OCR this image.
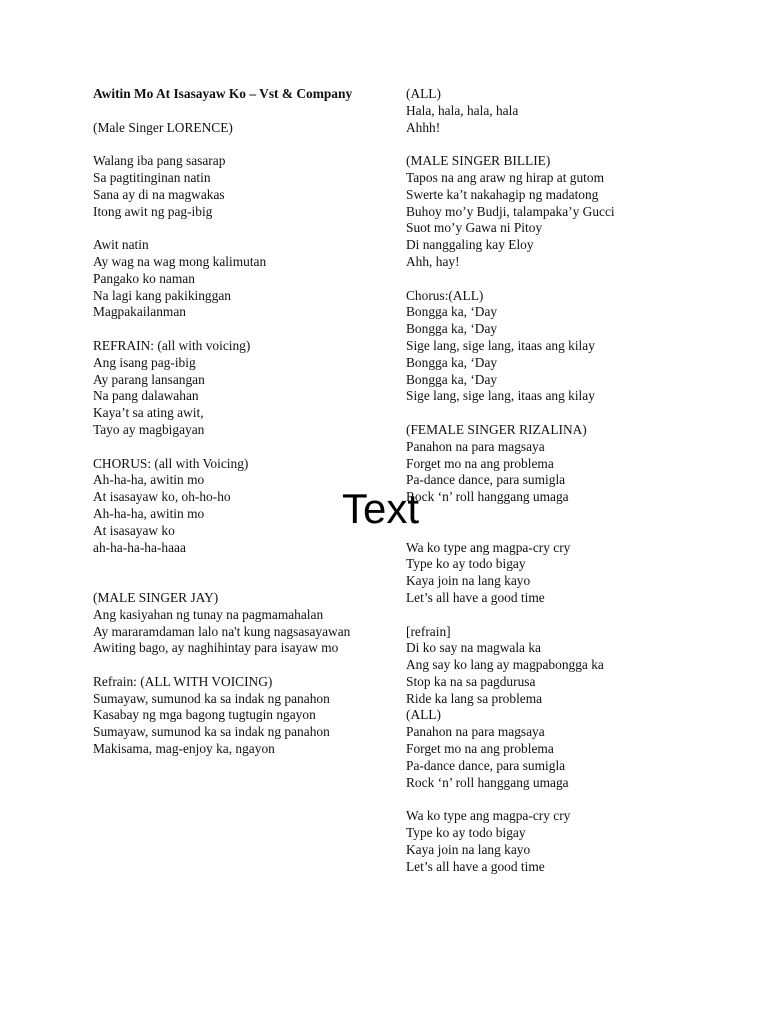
Awitin Mo At Isasayaw Ko – Vst & Company
(Male Singer LORENCE)
Walang iba pang sasarap
Sa pagtitinginan natin
Sana ay di na magwakas
Itong awit ng pag-ibig
Awit natin
Ay wag na wag mong kalimutan
Pangako ko naman
Na lagi kang pakikinggan
Magpakailanman
REFRAIN: (all with voicing)
Ang isang pag-ibig
Ay parang lansangan
Na pang dalawahan
Kaya’t sa ating awit,
Tayo ay magbigayan
CHORUS: (all with Voicing)
Ah-ha-ha, awitin mo
At isasayaw ko, oh-ho-ho
Ah-ha-ha, awitin mo
At isasayaw ko
ah-ha-ha-ha-haaa
(MALE SINGER JAY)
Ang kasiyahan ng tunay na pagmamahalan
Ay mararamdaman lalo na't kung nagsasayawan
Awiting bago, ay naghihintay para isayaw mo
Refrain: (ALL WITH VOICING)
Sumayaw, sumunod ka sa indak ng panahon
Kasabay ng mga bagong tugtugin ngayon
Sumayaw, sumunod ka sa indak ng panahon
Makisama, mag-enjoy ka, ngayon
(ALL)
Hala, hala, hala, hala
Ahhh!
(MALE SINGER BILLIE)
Tapos na ang araw ng hirap at gutom
Swerte ka’t nakahagip ng madatong
Buhoy mo’y Budji, talampaka’y Gucci
Suot mo’y Gawa ni Pitoy
Di nanggaling kay Eloy
Ahh, hay!
Chorus:(ALL)
Bongga ka, ‘Day
Bongga ka, ‘Day
Sige lang, sige lang, itaas ang kilay
Bongga ka, ‘Day
Bongga ka, ‘Day
Sige lang, sige lang, itaas ang kilay
(FEMALE SINGER RIZALINA)
Panahon na para magsaya
Forget mo na ang problema
Pa-dance dance, para sumigla
Rock ‘n’ roll hanggang umaga
Wa ko type ang magpa-cry cry
Type ko ay todo bigay
Kaya join na lang kayo
Let’s all have a good time
[refrain]
Di ko say na magwala ka
Ang say ko lang ay magpabongga ka
Stop ka na sa pagdurusa
Ride ka lang sa problema
(ALL)
Panahon na para magsaya
Forget mo na ang problema
Pa-dance dance, para sumigla
Rock ‘n’ roll hanggang umaga
Wa ko type ang magpa-cry cry
Type ko ay todo bigay
Kaya join na lang kayo
Let’s all have a good time
Text
